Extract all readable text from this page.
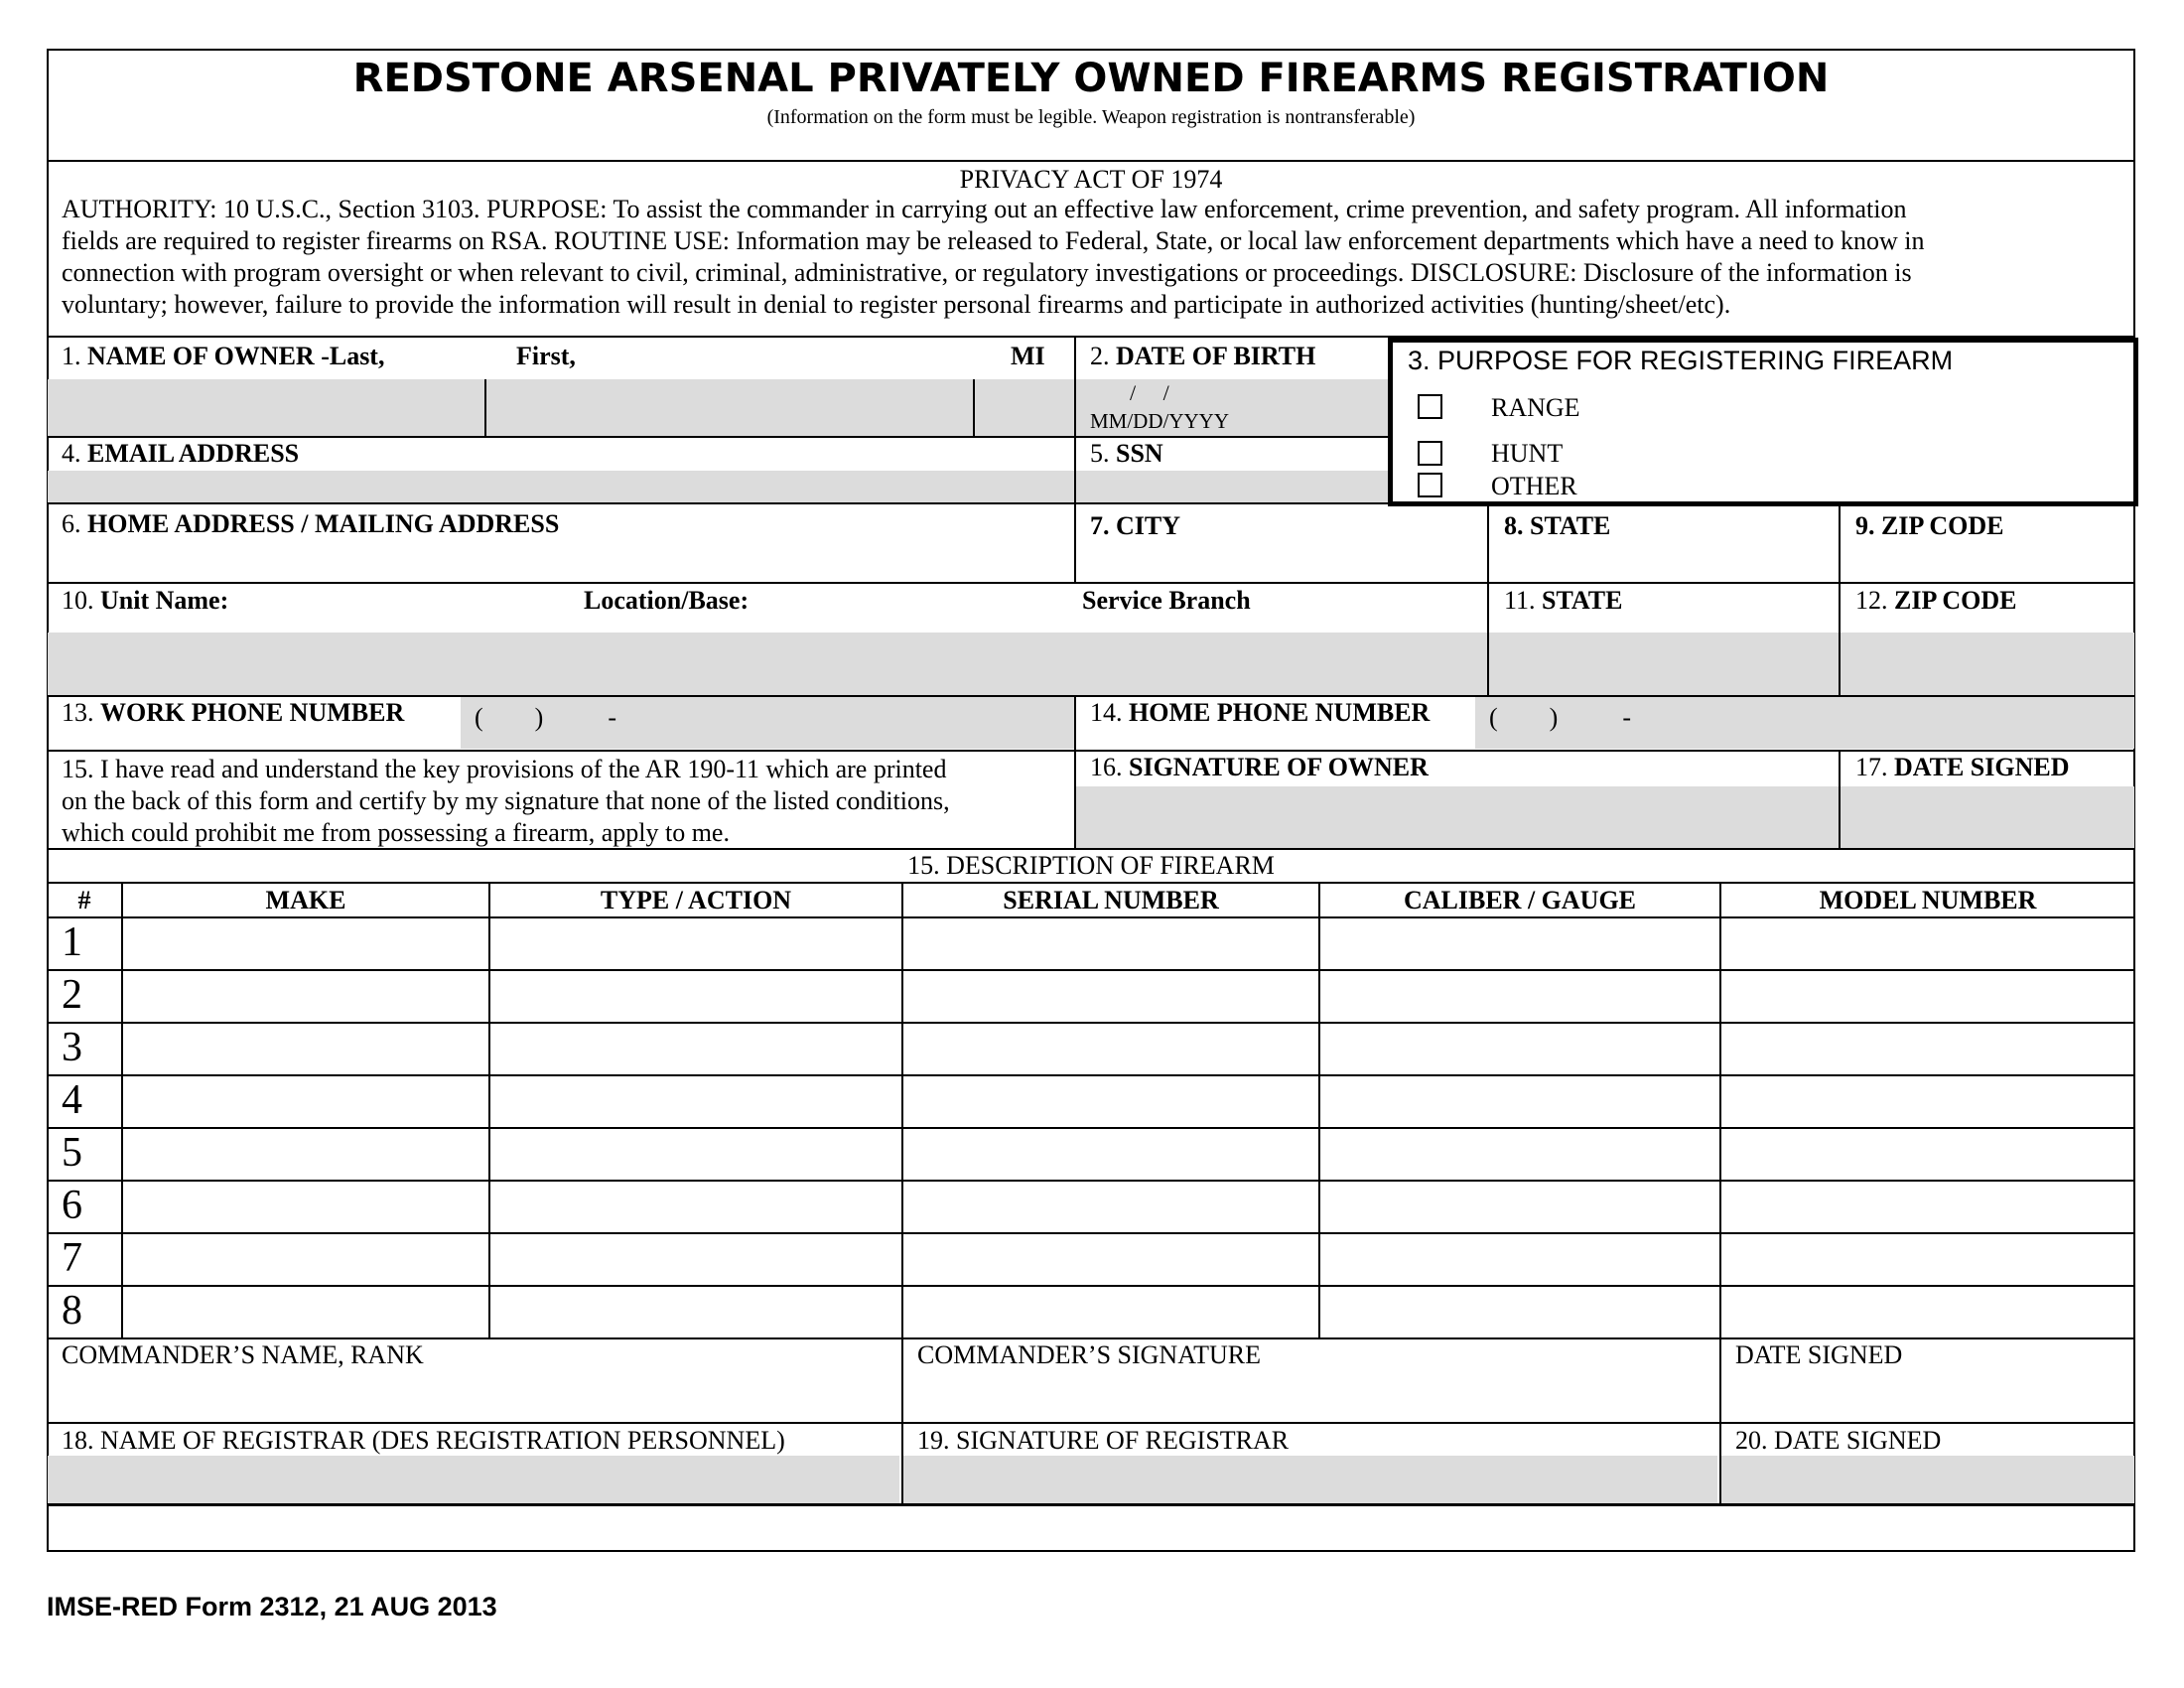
REDSTONE ARSENAL PRIVATELY OWNED FIREARMS REGISTRATION
(Information on the form must be legible. Weapon registration is nontransferable)
PRIVACY ACT OF 1974
AUTHORITY: 10 U.S.C., Section 3103. PURPOSE: To assist the commander in carrying out an effective law enforcement, crime prevention, and safety program. All information
fields are required to register firearms on RSA. ROUTINE USE: Information may be released to Federal, State, or local law enforcement departments which have a need to know in
connection with program oversight or when relevant to civil, criminal, administrative, or regulatory investigations or proceedings. DISCLOSURE: Disclosure of the information is
voluntary; however, failure to provide the information will result in denial to register personal firearms and participate in authorized activities (hunting/sheet/etc).
1. NAME OF OWNER -Last,	First,	MI 2. DATE OF BIRTH
/     /
MM/DD/YYYY
4. EMAIL ADDRESS	5. SSN
3. PURPOSE FOR REGISTERING FIREARM
RANGE
HUNT
OTHER
6. HOME ADDRESS / MAILING ADDRESS	7. CITY	8. STATE	9. ZIP CODE
10. Unit Name:	Location/Base:	Service Branch	11. STATE	12. ZIP CODE
13. WORK PHONE NUMBER	(        )          -	14. HOME PHONE NUMBER (        )          -
15. I have read and understand the key provisions of the AR 190-11 which are printed
on the back of this form and certify by my signature that none of the listed conditions,
which could prohibit me from possessing a firearm, apply to me.
16. SIGNATURE OF OWNER	17. DATE SIGNED
15. DESCRIPTION OF FIREARM
#	MAKE	TYPE / ACTION	SERIAL NUMBER	CALIBER / GAUGE	MODEL NUMBER
1
2
3
4
5
6
7
8
COMMANDER’S NAME, RANK	COMMANDER’S SIGNATURE	DATE SIGNED
18. NAME OF REGISTRAR (DES REGISTRATION PERSONNEL)	19. SIGNATURE OF REGISTRAR	20. DATE SIGNED
IMSE-RED Form 2312, 21 AUG 2013
